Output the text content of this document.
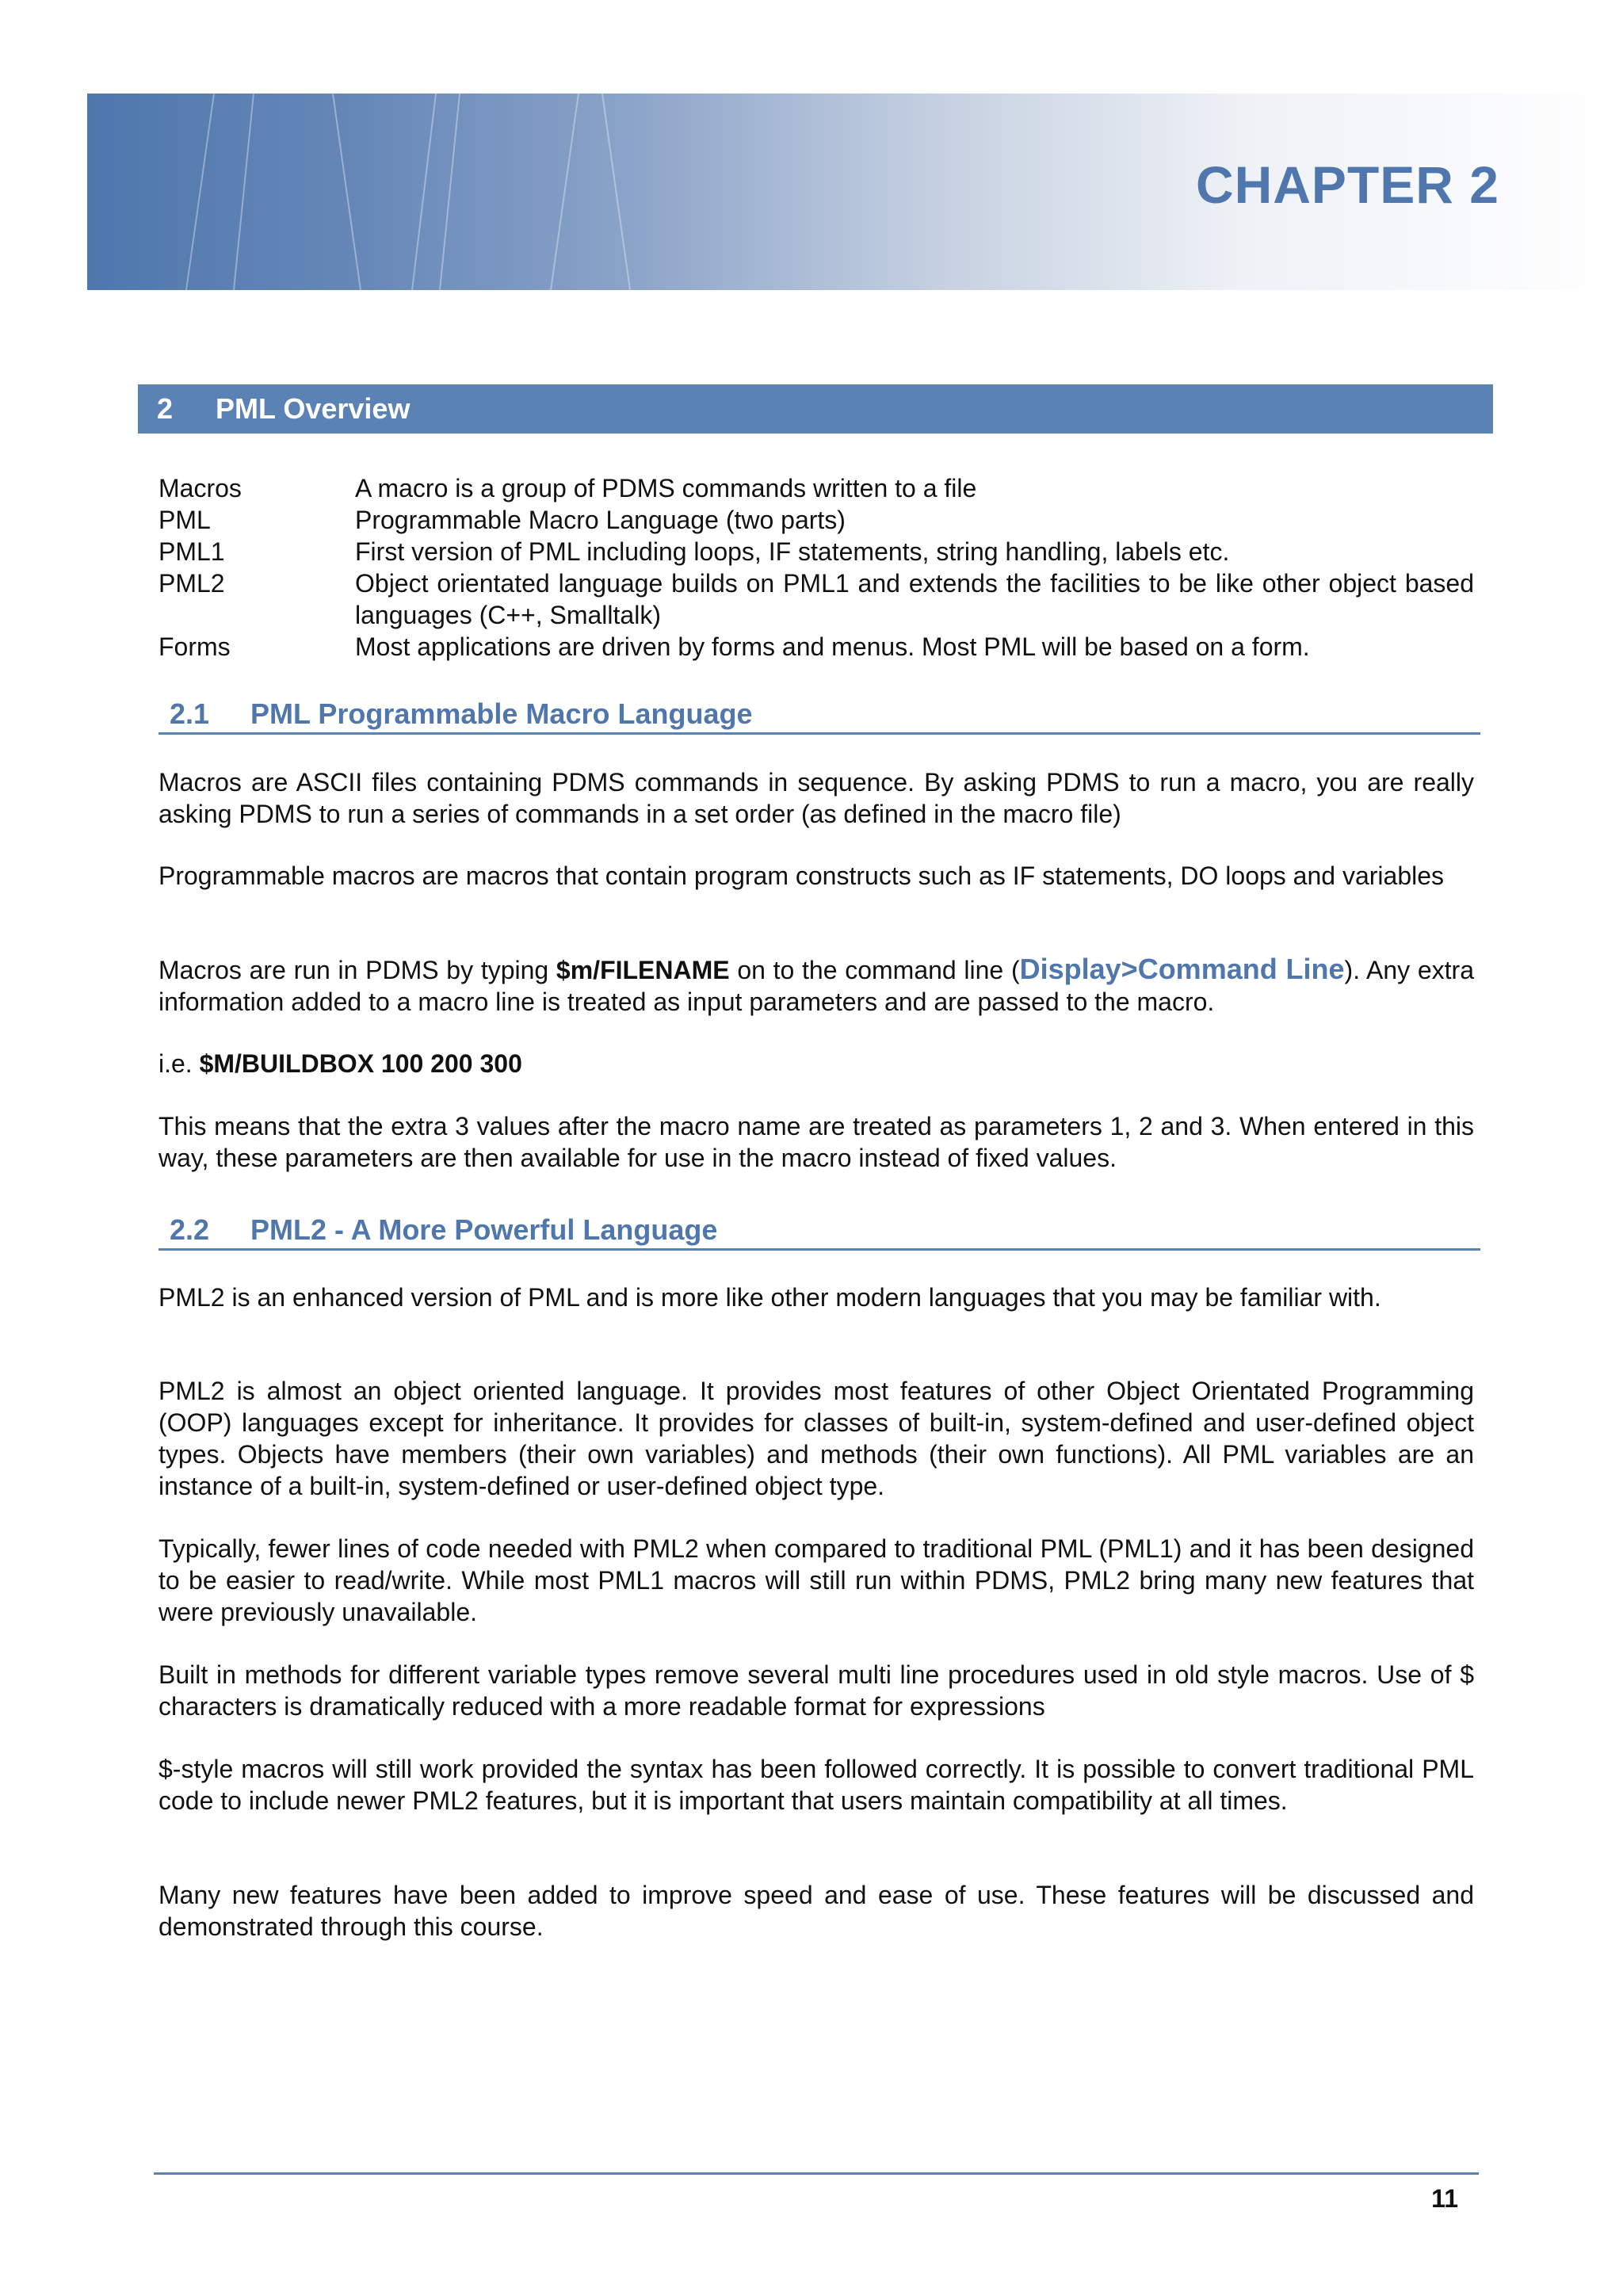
CHAPTER 2
2	PML Overview
Macros	A macro is a group of PDMS commands written to a file
PML	Programmable Macro Language (two parts)
PML1	First version of PML including loops, IF statements, string handling, labels etc.
PML2	Object orientated language builds on PML1 and extends the facilities to be like other object based languages (C++, Smalltalk)
Forms	Most applications are driven by forms and menus. Most PML will be based on a form.
2.1	PML Programmable Macro Language

Macros are ASCII files containing PDMS commands in sequence. By asking PDMS to run a macro, you are really asking PDMS to run a series of commands in a set order (as defined in the macro file)

Programmable macros are macros that contain program constructs such as IF statements, DO loops and variables

Macros are run in PDMS by typing $m/FILENAME on to the command line (Display>Command Line). Any extra information added to a macro line is treated as input parameters and are passed to the macro.

i.e. $M/BUILDBOX 100 200 300

This means that the extra 3 values after the macro name are treated as parameters 1, 2 and 3. When entered in this way, these parameters are then available for use in the macro instead of fixed values.

2.2	PML2 - A More Powerful Language

PML2 is an enhanced version of PML and is more like other modern languages that you may be familiar with.

PML2 is almost an object oriented language. It provides most features of other Object Orientated Programming (OOP) languages except for inheritance. It provides for classes of built-in, system-defined and user-defined object types. Objects have members (their own variables) and methods (their own functions). All PML variables are an instance of a built-in, system-defined or user-defined object type.

Typically, fewer lines of code needed with PML2 when compared to traditional PML (PML1) and it has been designed to be easier to read/write. While most PML1 macros will still run within PDMS, PML2 bring many new features that were previously unavailable.

Built in methods for different variable types remove several multi line procedures used in old style macros. Use of $ characters is dramatically reduced with a more readable format for expressions

$-style macros will still work provided the syntax has been followed correctly. It is possible to convert traditional PML code to include newer PML2 features, but it is important that users maintain compatibility at all times.

Many new features have been added to improve speed and ease of use. These features will be discussed and demonstrated through this course.

11
